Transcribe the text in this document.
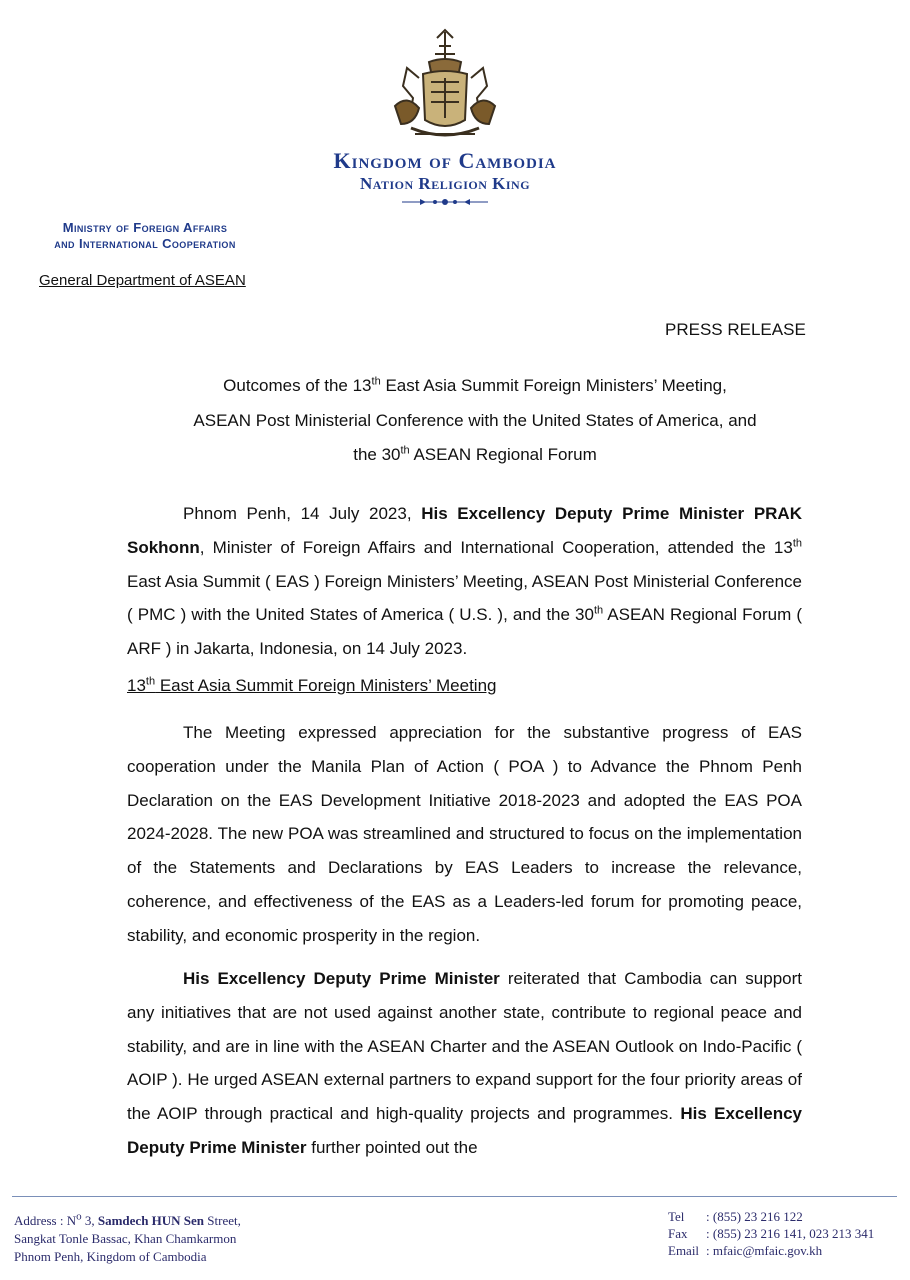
Kingdom of Cambodia
Nation Religion King
Ministry of Foreign Affairs
and International Cooperation
General Department of ASEAN
PRESS RELEASE
Outcomes of the 13th East Asia Summit Foreign Ministers’ Meeting,
ASEAN Post Ministerial Conference with the United States of America, and
the 30th ASEAN Regional Forum
Phnom Penh, 14 July 2023, His Excellency Deputy Prime Minister PRAK Sokhonn, Minister of Foreign Affairs and International Cooperation, attended the 13th East Asia Summit ( EAS ) Foreign Ministers’ Meeting, ASEAN Post Ministerial Conference ( PMC ) with the United States of America ( U.S. ), and the 30th ASEAN Regional Forum ( ARF ) in Jakarta, Indonesia, on 14 July 2023.
13th East Asia Summit Foreign Ministers’ Meeting
The Meeting expressed appreciation for the substantive progress of EAS cooperation under the Manila Plan of Action ( POA ) to Advance the Phnom Penh Declaration on the EAS Development Initiative 2018-2023 and adopted the EAS POA 2024-2028. The new POA was streamlined and structured to focus on the implementation of the Statements and Declarations by EAS Leaders to increase the relevance, coherence, and effectiveness of the EAS as a Leaders-led forum for promoting peace, stability, and economic prosperity in the region.
His Excellency Deputy Prime Minister reiterated that Cambodia can support any initiatives that are not used against another state, contribute to regional peace and stability, and are in line with the ASEAN Charter and the ASEAN Outlook on Indo-Pacific ( AOIP ). He urged ASEAN external partners to expand support for the four priority areas of the AOIP through practical and high-quality projects and programmes. His Excellency Deputy Prime Minister further pointed out the
Address : $N^o$ 3, Samdech HUN Sen Street,
Sangkat Tonle Bassac, Khan Chamkarmon
Phnom Penh, Kingdom of Cambodia
Tel : (855) 23 216 122
Fax : (855) 23 216 141, 023 213 341
Email : mfaic@mfaic.gov.kh
